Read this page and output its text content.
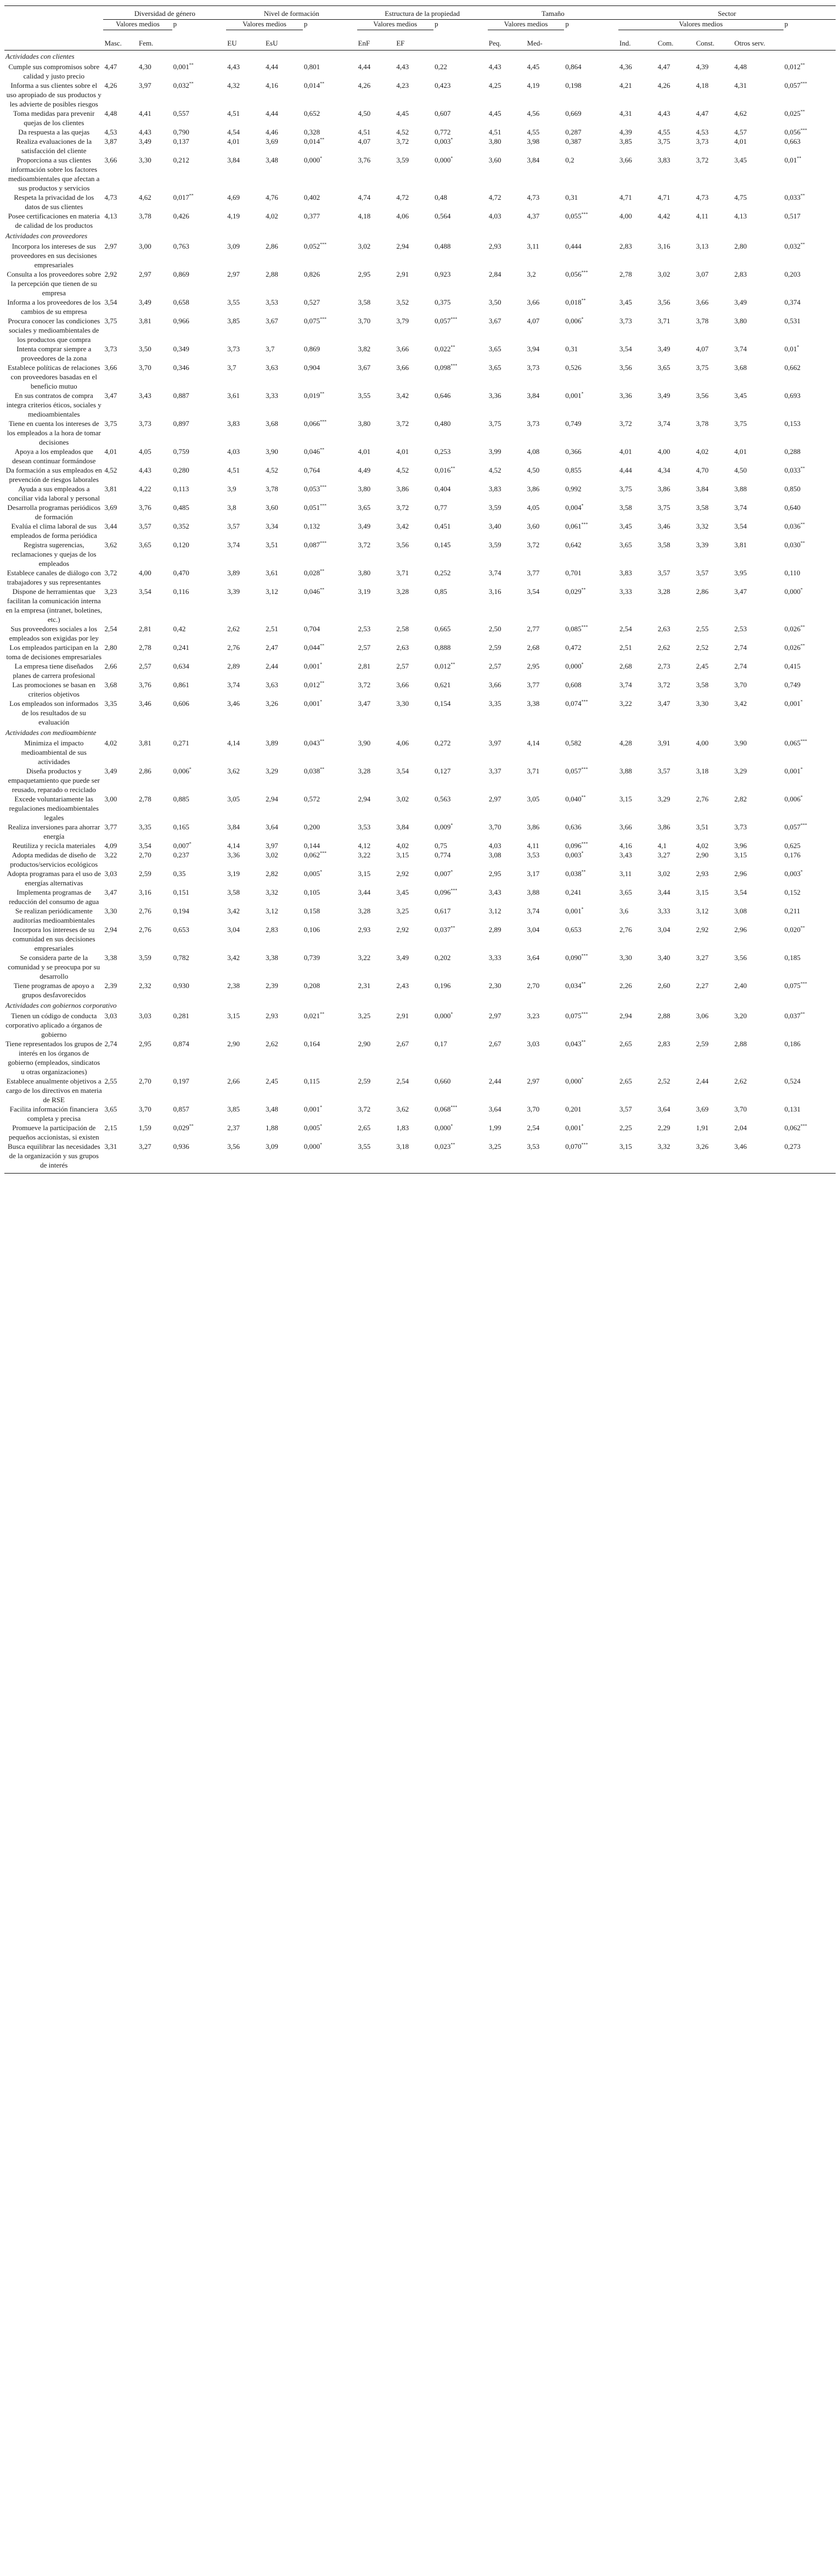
	Diversidad de género			Nivel de formación			Estructura de la propiedad			Tamaño			Sector				
	Valores medios		p	Valores medios		p	Valores medios		p	Valores medios		p	Valores medios				p
	Masc.	Fem.		EU	EsU		EnF	EF		Peq.	Med-		Ind.	Com.	Const.	Otros serv.	
Actividades con clientes																	
Cumple sus compromisos sobre calidad y justo precio	4,47	4,30	0,001**	4,43	4,44	0,801	4,44	4,43	0,22	4,43	4,45	0,864	4,36	4,47	4,39	4,48	0,012**
Informa a sus clientes sobre el uso apropiado de sus productos y les advierte de posibles riesgos	4,26	3,97	0,032**	4,32	4,16	0,014**	4,26	4,23	0,423	4,25	4,19	0,198	4,21	4,26	4,18	4,31	0,057***
Toma medidas para prevenir quejas de los clientes	4,48	4,41	0,557	4,51	4,44	0,652	4,50	4,45	0,607	4,45	4,56	0,669	4,31	4,43	4,47	4,62	0,025**
Da respuesta a las quejas	4,53	4,43	0,790	4,54	4,46	0,328	4,51	4,52	0,772	4,51	4,55	0,287	4,39	4,55	4,53	4,57	0,056***
Realiza evaluaciones de la satisfacción del cliente	3,87	3,49	0,137	4,01	3,69	0,014**	4,07	3,72	0,003*	3,80	3,98	0,387	3,85	3,75	3,73	4,01	0,663
Proporciona a sus clientes información sobre los factores medioambientales que afectan a sus productos y servicios	3,66	3,30	0,212	3,84	3,48	0,000*	3,76	3,59	0,000*	3,60	3,84	0,2	3,66	3,83	3,72	3,45	0,01**
Respeta la privacidad de los datos de sus clientes	4,73	4,62	0,017**	4,69	4,76	0,402	4,74	4,72	0,48	4,72	4,73	0,31	4,71	4,71	4,73	4,75	0,033**
Posee certificaciones en materia de calidad de los productos	4,13	3,78	0,426	4,19	4,02	0,377	4,18	4,06	0,564	4,03	4,37	0,055***	4,00	4,42	4,11	4,13	0,517
Actividades con proveedores																	
Incorpora los intereses de sus proveedores en sus decisiones empresariales	2,97	3,00	0,763	3,09	2,86	0,052***	3,02	2,94	0,488	2,93	3,11	0,444	2,83	3,16	3,13	2,80	0,032**
Consulta a los proveedores sobre la percepción que tienen de su empresa	2,92	2,97	0,869	2,97	2,88	0,826	2,95	2,91	0,923	2,84	3,2	0,056***	2,78	3,02	3,07	2,83	0,203
Informa a los proveedores de los cambios de su empresa	3,54	3,49	0,658	3,55	3,53	0,527	3,58	3,52	0,375	3,50	3,66	0,018**	3,45	3,56	3,66	3,49	0,374
Procura conocer las condiciones sociales y medioambientales de los productos que compra	3,75	3,81	0,966	3,85	3,67	0,075***	3,70	3,79	0,057***	3,67	4,07	0,006*	3,73	3,71	3,78	3,80	0,531
Intenta comprar siempre a proveedores de la zona	3,73	3,50	0,349	3,73	3,7	0,869	3,82	3,66	0,022**	3,65	3,94	0,31	3,54	3,49	4,07	3,74	0,01*
Establece políticas de relaciones con proveedores basadas en el beneficio mutuo	3,66	3,70	0,346	3,7	3,63	0,904	3,67	3,66	0,098***	3,65	3,73	0,526	3,56	3,65	3,75	3,68	0,662
En sus contratos de compra integra criterios éticos, sociales y medioambientales	3,47	3,43	0,887	3,61	3,33	0,019**	3,55	3,42	0,646	3,36	3,84	0,001*	3,36	3,49	3,56	3,45	0,693
Tiene en cuenta los intereses de los empleados a la hora de tomar decisiones	3,75	3,73	0,897	3,83	3,68	0,066***	3,80	3,72	0,480	3,75	3,73	0,749	3,72	3,74	3,78	3,75	0,153
Apoya a los empleados que desean continuar formándose	4,01	4,05	0,759	4,03	3,90	0,046**	4,01	4,01	0,253	3,99	4,08	0,366	4,01	4,00	4,02	4,01	0,288
Da formación a sus empleados en prevención de riesgos laborales	4,52	4,43	0,280	4,51	4,52	0,764	4,49	4,52	0,016**	4,52	4,50	0,855	4,44	4,34	4,70	4,50	0,033**
Ayuda a sus empleados a conciliar vida laboral y personal	3,81	4,22	0,113	3,9	3,78	0,053***	3,80	3,86	0,404	3,83	3,86	0,992	3,75	3,86	3,84	3,88	0,850
Desarrolla programas periódicos de formación	3,69	3,76	0,485	3,8	3,60	0,051***	3,65	3,72	0,77	3,59	4,05	0,004*	3,58	3,75	3,58	3,74	0,640
Evalúa el clima laboral de sus empleados de forma periódica	3,44	3,57	0,352	3,57	3,34	0,132	3,49	3,42	0,451	3,40	3,60	0,061***	3,45	3,46	3,32	3,54	0,036**
Registra sugerencias, reclamaciones y quejas de los empleados	3,62	3,65	0,120	3,74	3,51	0,087***	3,72	3,56	0,145	3,59	3,72	0,642	3,65	3,58	3,39	3,81	0,030**
Establece canales de diálogo con trabajadores y sus representantes	3,72	4,00	0,470	3,89	3,61	0,028**	3,80	3,71	0,252	3,74	3,77	0,701	3,83	3,57	3,57	3,95	0,110
Dispone de herramientas que facilitan la comunicación interna en la empresa (intranet, boletines, etc.)	3,23	3,54	0,116	3,39	3,12	0,046**	3,19	3,28	0,85	3,16	3,54	0,029**	3,33	3,28	2,86	3,47	0,000*
Sus proveedores sociales a los empleados son exigidas por ley	2,54	2,81	0,42	2,62	2,51	0,704	2,53	2,58	0,665	2,50	2,77	0,085***	2,54	2,63	2,55	2,53	0,026**
Los empleados participan en la toma de decisiones empresariales	2,80	2,78	0,241	2,76	2,47	0,044**	2,57	2,63	0,888	2,59	2,68	0,472	2,51	2,62	2,52	2,74	0,026**
La empresa tiene diseñados planes de carrera profesional	2,66	2,57	0,634	2,89	2,44	0,001*	2,81	2,57	0,012**	2,57	2,95	0,000*	2,68	2,73	2,45	2,74	0,415
Las promociones se basan en criterios objetivos	3,68	3,76	0,861	3,74	3,63	0,012**	3,72	3,66	0,621	3,66	3,77	0,608	3,74	3,72	3,58	3,70	0,749
Los empleados son informados de los resultados de su evaluación	3,35	3,46	0,606	3,46	3,26	0,001*	3,47	3,30	0,154	3,35	3,38	0,074***	3,22	3,47	3,30	3,42	0,001*
Actividades con medioambiente																	
Minimiza el impacto medioambiental de sus actividades	4,02	3,81	0,271	4,14	3,89	0,043**	3,90	4,06	0,272	3,97	4,14	0,582	4,28	3,91	4,00	3,90	0,065***
Diseña productos y empaquetamiento que puede ser reusado, reparado o reciclado	3,49	2,86	0,006*	3,62	3,29	0,038**	3,28	3,54	0,127	3,37	3,71	0,057***	3,88	3,57	3,18	3,29	0,001*
Excede voluntariamente las regulaciones medioambientales legales	3,00	2,78	0,885	3,05	2,94	0,572	2,94	3,02	0,563	2,97	3,05	0,040**	3,15	3,29	2,76	2,82	0,006*
Realiza inversiones para ahorrar energía	3,77	3,35	0,165	3,84	3,64	0,200	3,53	3,84	0,009*	3,70	3,86	0,636	3,66	3,86	3,51	3,73	0,057***
Reutiliza y recicla materiales	4,09	3,54	0,007*	4,14	3,97	0,144	4,12	4,02	0,75	4,03	4,11	0,096***	4,16	4,1	4,02	3,96	0,625
Adopta medidas de diseño de productos/servicios ecológicos	3,22	2,70	0,237	3,36	3,02	0,062***	3,22	3,15	0,774	3,08	3,53	0,003*	3,43	3,27	2,90	3,15	0,176
Adopta programas para el uso de energías alternativas	3,03	2,59	0,35	3,19	2,82	0,005*	3,15	2,92	0,007*	2,95	3,17	0,038**	3,11	3,02	2,93	2,96	0,003*
Implementa programas de reducción del consumo de agua	3,47	3,16	0,151	3,58	3,32	0,105	3,44	3,45	0,096***	3,43	3,88	0,241	3,65	3,44	3,15	3,54	0,152
Se realizan periódicamente auditorías medioambientales	3,30	2,76	0,194	3,42	3,12	0,158	3,28	3,25	0,617	3,12	3,74	0,001*	3,6	3,33	3,12	3,08	0,211
Incorpora los intereses de su comunidad en sus decisiones empresariales	2,94	2,76	0,653	3,04	2,83	0,106	2,93	2,92	0,037**	2,89	3,04	0,653	2,76	3,04	2,92	2,96	0,020**
Se considera parte de la comunidad y se preocupa por su desarrollo	3,38	3,59	0,782	3,42	3,38	0,739	3,22	3,49	0,202	3,33	3,64	0,090***	3,30	3,40	3,27	3,56	0,185
Tiene programas de apoyo a grupos desfavorecidos	2,39	2,32	0,930	2,38	2,39	0,208	2,31	2,43	0,196	2,30	2,70	0,034**	2,26	2,60	2,27	2,40	0,075***
Actividades con gobiernos corporativo																	
Tienen un código de conducta corporativo aplicado a órganos de gobierno	3,03	3,03	0,281	3,15	2,93	0,021**	3,25	2,91	0,000*	2,97	3,23	0,075***	2,94	2,88	3,06	3,20	0,037**
Tiene representados los grupos de interés en los órganos de gobierno (empleados, sindicatos u otras organizaciones)	2,74	2,95	0,874	2,90	2,62	0,164	2,90	2,67	0,17	2,67	3,03	0,043**	2,65	2,83	2,59	2,88	0,186
Establece anualmente objetivos a cargo de los directivos en materia de RSE	2,55	2,70	0,197	2,66	2,45	0,115	2,59	2,54	0,660	2,44	2,97	0,000*	2,65	2,52	2,44	2,62	0,524
Facilita información financiera completa y precisa	3,65	3,70	0,857	3,85	3,48	0,001*	3,72	3,62	0,068***	3,64	3,70	0,201	3,57	3,64	3,69	3,70	0,131
Promueve la participación de pequeños accionistas, si existen	2,15	1,59	0,029**	2,37	1,88	0,005*	2,65	1,83	0,000*	1,99	2,54	0,001*	2,25	2,29	1,91	2,04	0,062***
Busca equilibrar las necesidades de la organización y sus grupos de interés	3,31	3,27	0,936	3,56	3,09	0,000*	3,55	3,18	0,023**	3,25	3,53	0,070***	3,15	3,32	3,26	3,46	0,273
